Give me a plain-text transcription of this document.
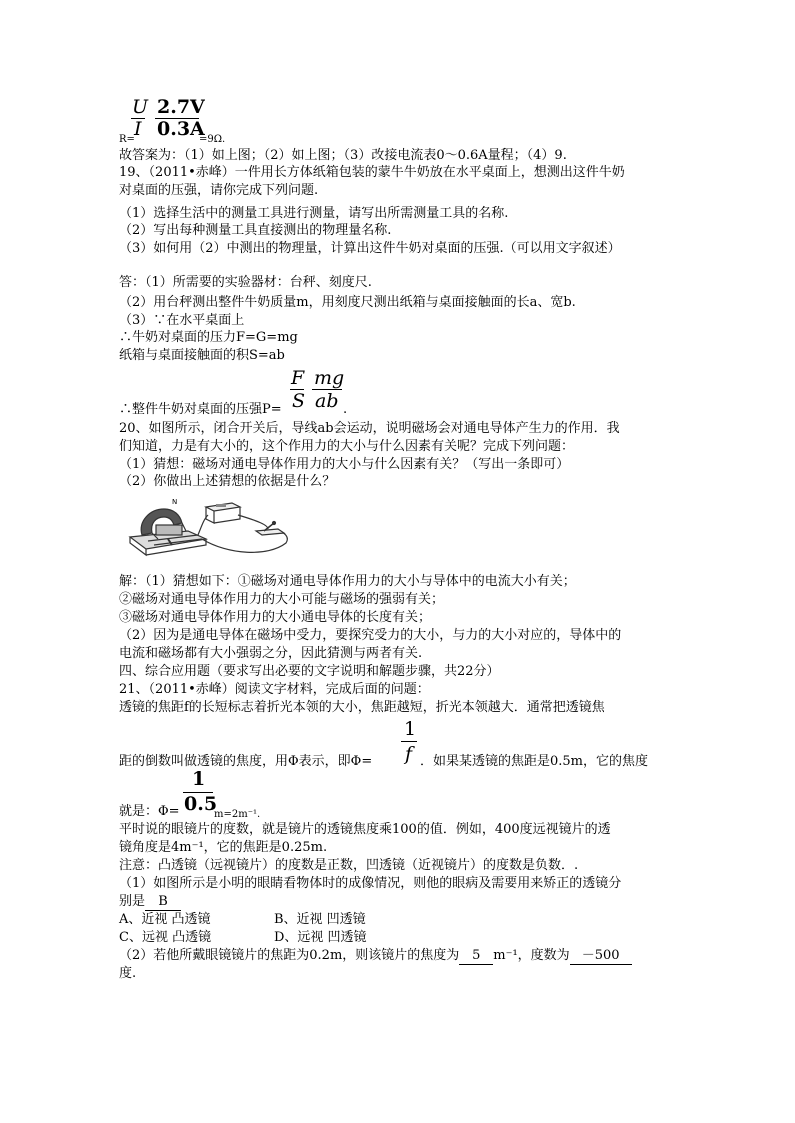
U
I
2.7V
0.3A
R=	=9Ω.
故答案为：（1）如上图；（2）如上图；（3）改接电流表0～0.6A量程；（4）9.
19、（2011•赤峰）一件用长方体纸箱包装的蒙牛牛奶放在水平桌面上，想测出这件牛奶
对桌面的压强，请你完成下列问题.
（1）选择生活中的测量工具进行测量，请写出所需测量工具的名称.
（2）写出每种测量工具直接测出的物理量名称.
（3）如何用（2）中测出的物理量，计算出这件牛奶对桌面的压强.（可以用文字叙述）
答：（1）所需要的实验器材：台秤、刻度尺.
（2）用台秤测出整件牛奶质量m，用刻度尺测出纸箱与桌面接触面的长a、宽b.
（3）∵在水平桌面上
∴牛奶对桌面的压力F=G=mg
纸箱与桌面接触面的积S=ab
F
S
mg
ab
∴整件牛奶对桌面的压强P=	.
20、如图所示，闭合开关后，导线ab会运动，说明磁场会对通电导体产生力的作用．我
们知道，力是有大小的，这个作用力的大小与什么因素有关呢？完成下列问题：
（1）猜想：磁场对通电导体作用力的大小与什么因素有关？（写出一条即可）
（2）你做出上述猜想的依据是什么？
N
解：（1）猜想如下：①磁场对通电导体作用力的大小与导体中的电流大小有关；
②磁场对通电导体作用力的大小可能与磁场的强弱有关；
③磁场对通电导体作用力的大小通电导体的长度有关；
（2）因为是通电导体在磁场中受力，要探究受力的大小，与力的大小对应的，导体中的
电流和磁场都有大小强弱之分，因此猜测与两者有关.
四、综合应用题（要求写出必要的文字说明和解题步骤，共22分）
21、（2011•赤峰）阅读文字材料，完成后面的问题：
透镜的焦距f的长短标志着折光本领的大小，焦距越短，折光本领越大．通常把透镜焦
1
f
距的倒数叫做透镜的焦度，用Φ表示，即Φ=	．如果某透镜的焦距是0.5m，它的焦度
1
0.5
就是：Φ=	m=2m⁻¹.
平时说的眼镜片的度数，就是镜片的透镜焦度乘100的值．例如，400度远视镜片的透
镜角度是4m⁻¹，它的焦距是0.25m.
注意：凸透镜（远视镜片）的度数是正数，凹透镜（近视镜片）的度数是负数．.
（1）如图所示是小明的眼睛看物体时的成像情况，则他的眼病及需要用来矫正的透镜分
别是 B
A、近视 凸透镜	B、近视 凹透镜
C、远视 凸透镜	D、远视 凹透镜
（2）若他所戴眼镜镜片的焦距为0.2m，则该镜片的焦度为 5 m⁻¹，度数为 －500
度.
